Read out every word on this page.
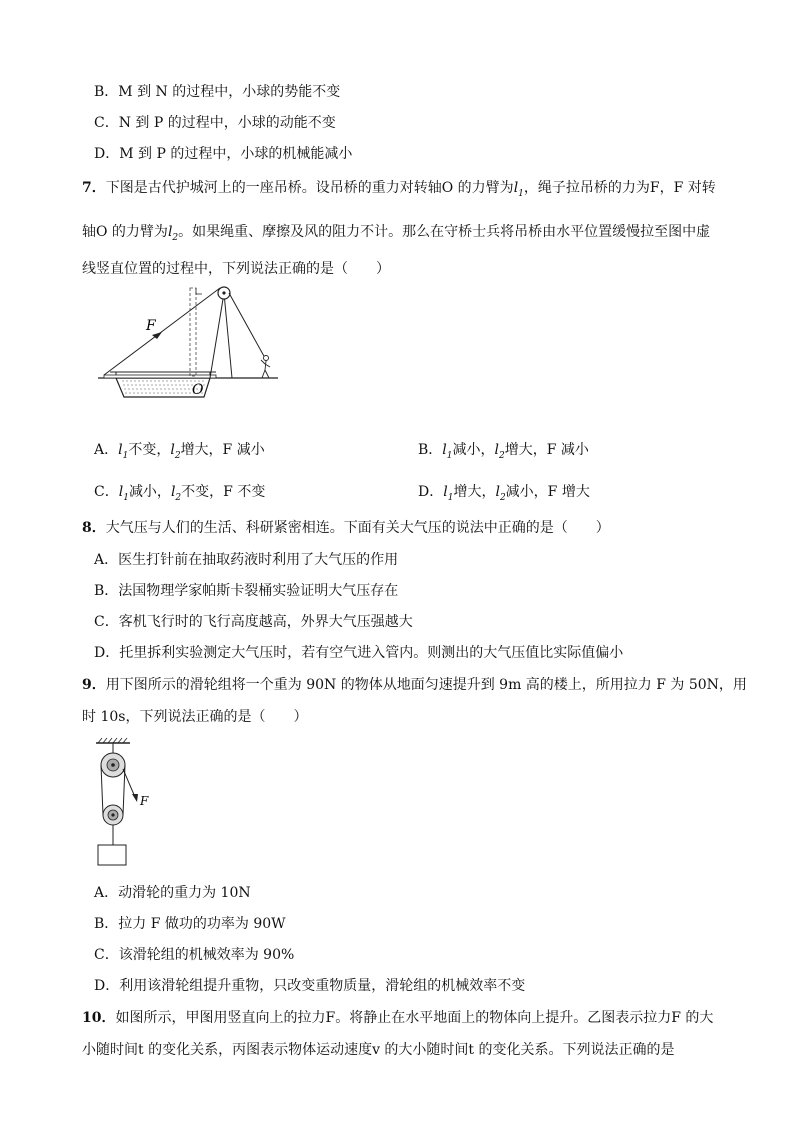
B．M 到 N 的过程中，小球的势能不变
C．N 到 P 的过程中，小球的动能不变
D．M 到 P 的过程中，小球的机械能减小
7．下图是古代护城河上的一座吊桥。设吊桥的重力对转轴O 的力臂为$l_1$，绳子拉吊桥的力为F，F 对转
轴O 的力臂为$l_2$。如果绳重、摩擦及风的阻力不计。那么在守桥士兵将吊桥由水平位置缓慢拉至图中虚
线竖直位置的过程中，下列说法正确的是（　　）
F
O
A．$l_1$不变，$l_2$增大，F 减小	B．$l_1$减小，$l_2$增大，F 减小
C．$l_1$减小，$l_2$不变，F 不变	D．$l_1$增大，$l_2$减小，F 增大
8．大气压与人们的生活、科研紧密相连。下面有关大气压的说法中正确的是（　　）
A．医生打针前在抽取药液时利用了大气压的作用
B．法国物理学家帕斯卡裂桶实验证明大气压存在
C．客机飞行时的飞行高度越高，外界大气压强越大
D．托里拆利实验测定大气压时，若有空气进入管内。则测出的大气压值比实际值偏小
9．用下图所示的滑轮组将一个重为 90N 的物体从地面匀速提升到 9m 高的楼上，所用拉力 F 为 50N，用
时 10s，下列说法正确的是（　　）
F
A．动滑轮的重力为 10N
B．拉力 F 做功的功率为 90W
C．该滑轮组的机械效率为 90%
D．利用该滑轮组提升重物，只改变重物质量，滑轮组的机械效率不变
10．如图所示，甲图用竖直向上的拉力F。将静止在水平地面上的物体向上提升。乙图表示拉力F 的大
小随时间t 的变化关系，丙图表示物体运动速度v 的大小随时间t 的变化关系。下列说法正确的是
